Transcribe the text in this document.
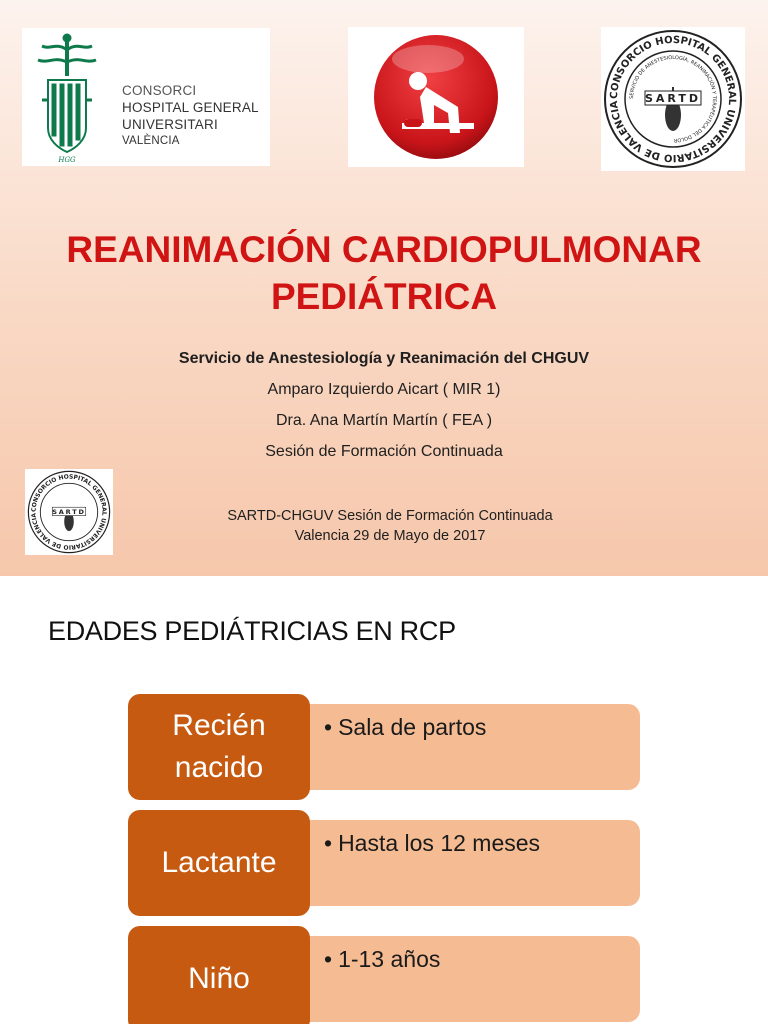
HGG
CONSORCI
HOSPITAL GENERAL
UNIVERSITARI
VALÈNCIA
CONSORCIO HOSPITAL GENERAL UNIVERSITARIO DE VALENCIA
SERVICIO DE ANESTESIOLOGÍA, REANIMACIÓN Y TERAPÉUTICA DEL DOLOR
SARTD
REANIMACIÓN CARDIOPULMONAR
PEDIÁTRICA
Servicio de Anestesiología y Reanimación del CHGUV
Amparo Izquierdo Aicart ( MIR 1)
Dra. Ana Martín Martín ( FEA )
Sesión de Formación Continuada
CONSORCIO HOSPITAL GENERAL UNIVERSITARIO DE VALENCIA	SARTD	SARTD-CHGUV Sesión de Formación Continuada
Valencia 29 de Mayo de 2017
EDADES PEDIÁTRICIAS EN RCP
Recién
nacido
• Sala de partos
Lactante
• Hasta los 12 meses
Niño
• 1-13 años
